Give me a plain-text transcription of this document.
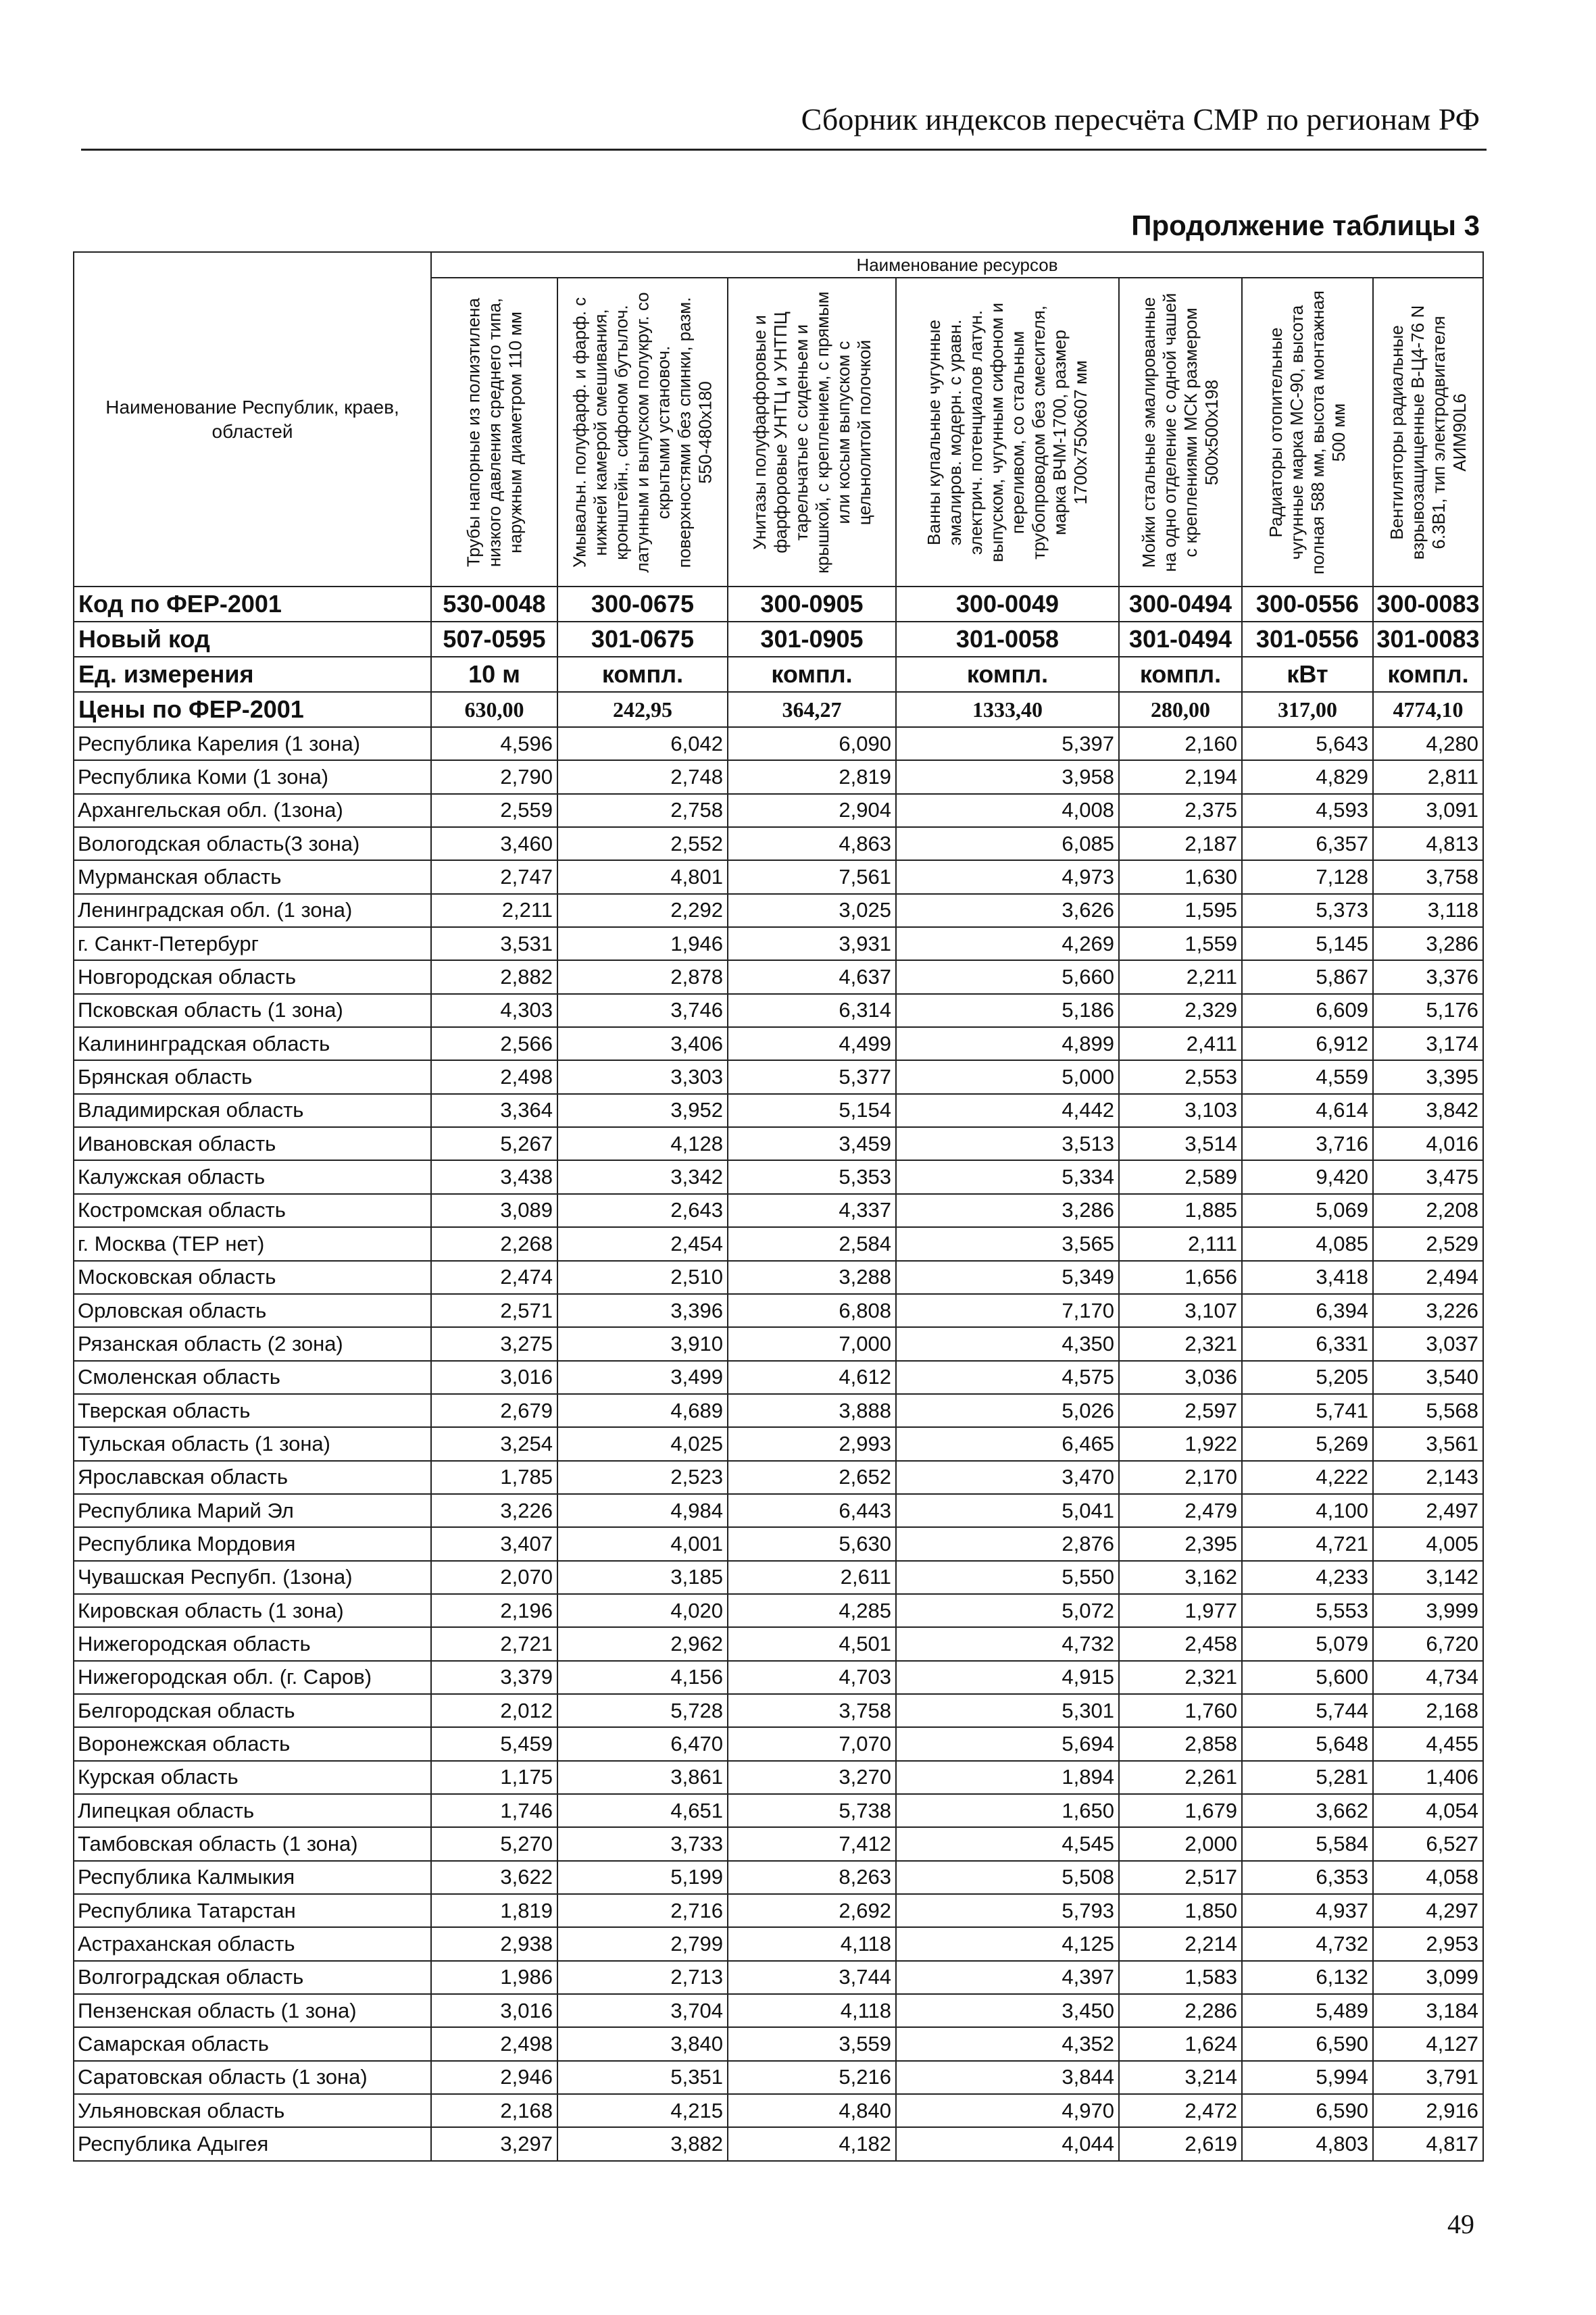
Сборник индексов пересчёта СМР по регионам РФ
Продолжение таблицы 3
Наименование Республик, краев, областей	Наименование ресурсов						

	Трубы напорные из полиэтилена низкого давления среднего типа, наружным диаметром 110 мм	Умывальн. полуфарф. и фарф. с нижней камерой смешивания, кронштейн., сифоном бутылоч. латунным и выпуском полукруг. со скрытыми установоч. поверхностями без спинки, разм. 550-480х180	Унитазы полуфарфоровые и фарфоровые УНТЦ и УНТПЦ тарельчатые с сиденьем и крышкой, с креплением, с прямым или косым выпуском с цельнолитой полочкой	Ванны купальные чугунные эмалиров. модерн. с уравн. электрич. потенциалов латун. выпуском, чугунным сифоном и переливом, со стальным трубопроводом без смесителя, марка ВЧМ-1700, размер 1700х750х607 мм	Мойки стальные эмалированные на одно отделение с одной чашей с креплениями МСК размером 500х500х198	Радиаторы отопительные чугунные марка МС-90, высота полная 588 мм, высота монтажная 500 мм	Вентиляторы радиальные взрывозащищенные В-Ц4-76 N 6.3В1, тип электродвигателя АИМ90L6

Код по ФЕР-2001	530-0048	300-0675	300-0905	300-0049	300-0494	300-0556	300-0083
Новый код	507-0595	301-0675	301-0905	301-0058	301-0494	301-0556	301-0083
Ед. измерения	10 м	компл.	компл.	компл.	компл.	кВт	компл.
Цены по ФЕР-2001	630,00	242,95	364,27	1333,40	280,00	317,00	4774,10
Республика Карелия (1 зона)	4,596	6,042	6,090	5,397	2,160	5,643	4,280
Республика Коми (1 зона)	2,790	2,748	2,819	3,958	2,194	4,829	2,811
Архангельская обл. (1зона)	2,559	2,758	2,904	4,008	2,375	4,593	3,091
Вологодская область(3 зона)	3,460	2,552	4,863	6,085	2,187	6,357	4,813
Мурманская область	2,747	4,801	7,561	4,973	1,630	7,128	3,758
Ленинградская обл. (1 зона)	2,211	2,292	3,025	3,626	1,595	5,373	3,118
г. Санкт-Петербург	3,531	1,946	3,931	4,269	1,559	5,145	3,286
Новгородская область	2,882	2,878	4,637	5,660	2,211	5,867	3,376
Псковская область (1 зона)	4,303	3,746	6,314	5,186	2,329	6,609	5,176
Калининградская область	2,566	3,406	4,499	4,899	2,411	6,912	3,174
Брянская область	2,498	3,303	5,377	5,000	2,553	4,559	3,395
Владимирская область	3,364	3,952	5,154	4,442	3,103	4,614	3,842
Ивановская область	5,267	4,128	3,459	3,513	3,514	3,716	4,016
Калужская область	3,438	3,342	5,353	5,334	2,589	9,420	3,475
Костромская область	3,089	2,643	4,337	3,286	1,885	5,069	2,208
г. Москва (ТЕР нет)	2,268	2,454	2,584	3,565	2,111	4,085	2,529
Московская область	2,474	2,510	3,288	5,349	1,656	3,418	2,494
Орловская область	2,571	3,396	6,808	7,170	3,107	6,394	3,226
Рязанская область (2 зона)	3,275	3,910	7,000	4,350	2,321	6,331	3,037
Смоленская область	3,016	3,499	4,612	4,575	3,036	5,205	3,540
Тверская область	2,679	4,689	3,888	5,026	2,597	5,741	5,568
Тульская область (1 зона)	3,254	4,025	2,993	6,465	1,922	5,269	3,561
Ярославская область	1,785	2,523	2,652	3,470	2,170	4,222	2,143
Республика Марий Эл	3,226	4,984	6,443	5,041	2,479	4,100	2,497
Республика Мордовия	3,407	4,001	5,630	2,876	2,395	4,721	4,005
Чувашская Респубп. (1зона)	2,070	3,185	2,611	5,550	3,162	4,233	3,142
Кировская область (1 зона)	2,196	4,020	4,285	5,072	1,977	5,553	3,999
Нижегородская область	2,721	2,962	4,501	4,732	2,458	5,079	6,720
Нижегородская обл. (г. Саров)	3,379	4,156	4,703	4,915	2,321	5,600	4,734
Белгородская область	2,012	5,728	3,758	5,301	1,760	5,744	2,168
Воронежская область	5,459	6,470	7,070	5,694	2,858	5,648	4,455
Курская область	1,175	3,861	3,270	1,894	2,261	5,281	1,406
Липецкая область	1,746	4,651	5,738	1,650	1,679	3,662	4,054
Тамбовская область (1 зона)	5,270	3,733	7,412	4,545	2,000	5,584	6,527
Республика Калмыкия	3,622	5,199	8,263	5,508	2,517	6,353	4,058
Республика Татарстан	1,819	2,716	2,692	5,793	1,850	4,937	4,297
Астраханская область	2,938	2,799	4,118	4,125	2,214	4,732	2,953
Волгоградская область	1,986	2,713	3,744	4,397	1,583	6,132	3,099
Пензенская область (1 зона)	3,016	3,704	4,118	3,450	2,286	5,489	3,184
Самарская область	2,498	3,840	3,559	4,352	1,624	6,590	4,127
Саратовская область (1 зона)	2,946	5,351	5,216	3,844	3,214	5,994	3,791
Ульяновская область	2,168	4,215	4,840	4,970	2,472	6,590	2,916
Республика Адыгея	3,297	3,882	4,182	4,044	2,619	4,803	4,817
49
